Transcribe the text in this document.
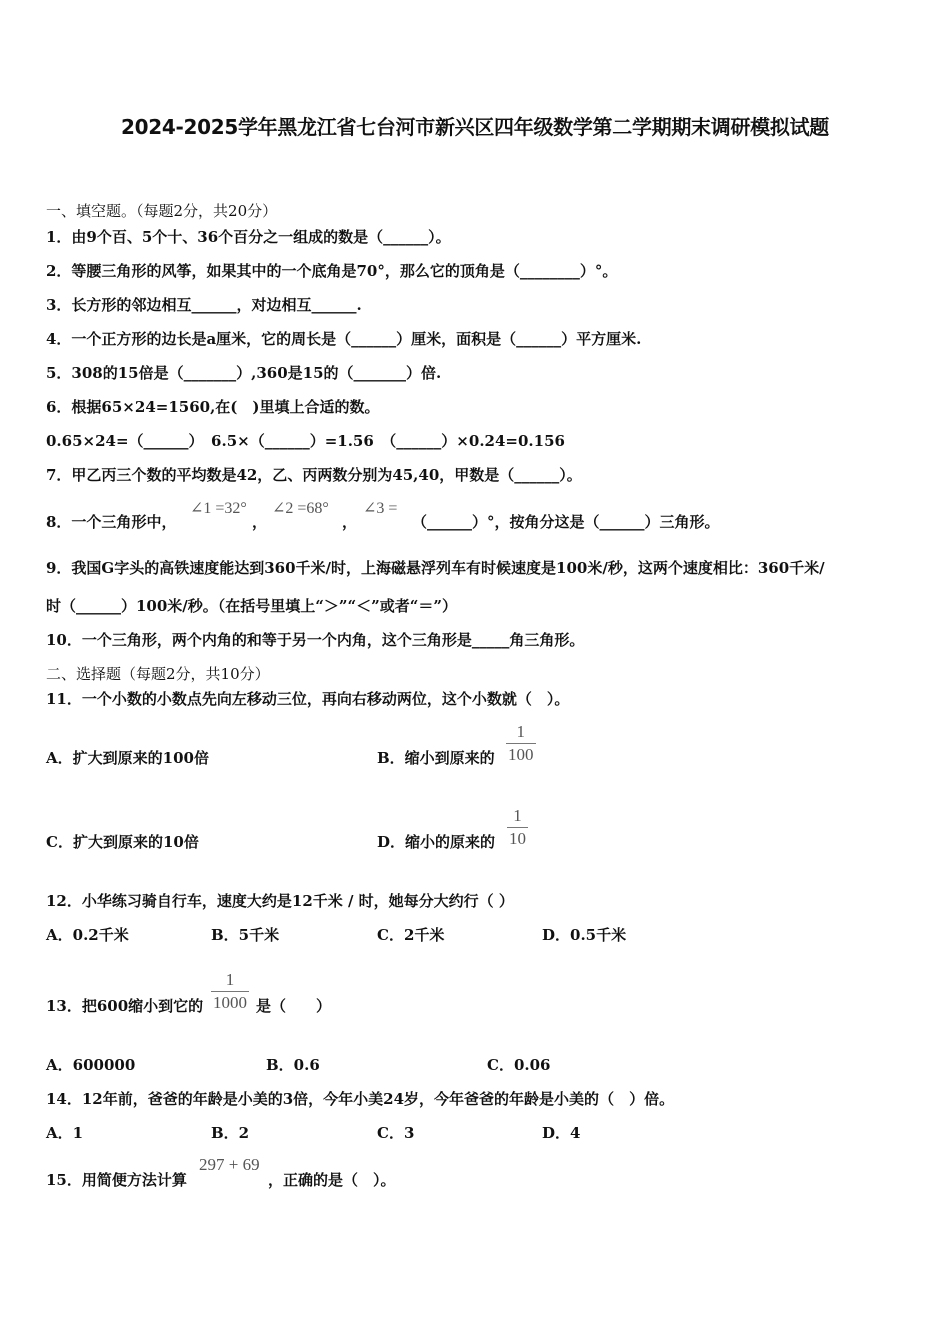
2024-2025学年黑龙江省七台河市新兴区四年级数学第二学期期末调研模拟试题
一、填空题。（每题2分，共20分）
1．由9个百、5个十、36个百分之一组成的数是（______）。
2．等腰三角形的风筝，如果其中的一个底角是70°，那么它的顶角是（________）°。
3．长方形的邻边相互______，对边相互______.
4．一个正方形的边长是a厘米，它的周长是（______）厘米，面积是（______）平方厘米.
5．308的15倍是（_______）,360是15的（_______）倍.
6．根据65×24=1560,在(　)里填上合适的数。
0.65×24=（______）　6.5×（______）=1.56　（______）×0.24=0.156
7．甲乙丙三个数的平均数是42，乙、丙两数分别为45,40，甲数是（______）。
8．一个三角形中，
∠1 =32°
，
∠2 =68°
，
∠3 =
（______）°，按角分这是（______）三角形。
9．我国G字头的高铁速度能达到360千米/时，上海磁悬浮列车有时候速度是100米/秒，这两个速度相比：360千米/
时（______）100米/秒。（在括号里填上“＞”“＜”或者“＝”）
10．一个三角形，两个内角的和等于另一个内角，这个三角形是_____角三角形。
二、选择题（每题2分，共10分）
11．一个小数的小数点先向左移动三位，再向右移动两位，这个小数就（　）。
A．扩大到原来的100倍	B．缩小到原来的 $\frac{1}{100}$
C．扩大到原来的10倍	D．缩小的原来的 $\frac{1}{10}$
12．小华练习骑自行车，速度大约是12千米 / 时，她每分大约行（ ）
A．0.2千米	B．5千米	C．2千米	D．0.5千米
13．把600缩小到它的 $\frac{1}{1000}$ 是（　　）
A．600000	B．0.6	C．0.06
14．12年前，爸爸的年龄是小美的3倍，今年小美24岁，今年爸爸的年龄是小美的（　）倍。
A．1	B．2	C．3	D．4
15．用简便方法计算
297 + 69
，正确的是（　）。
